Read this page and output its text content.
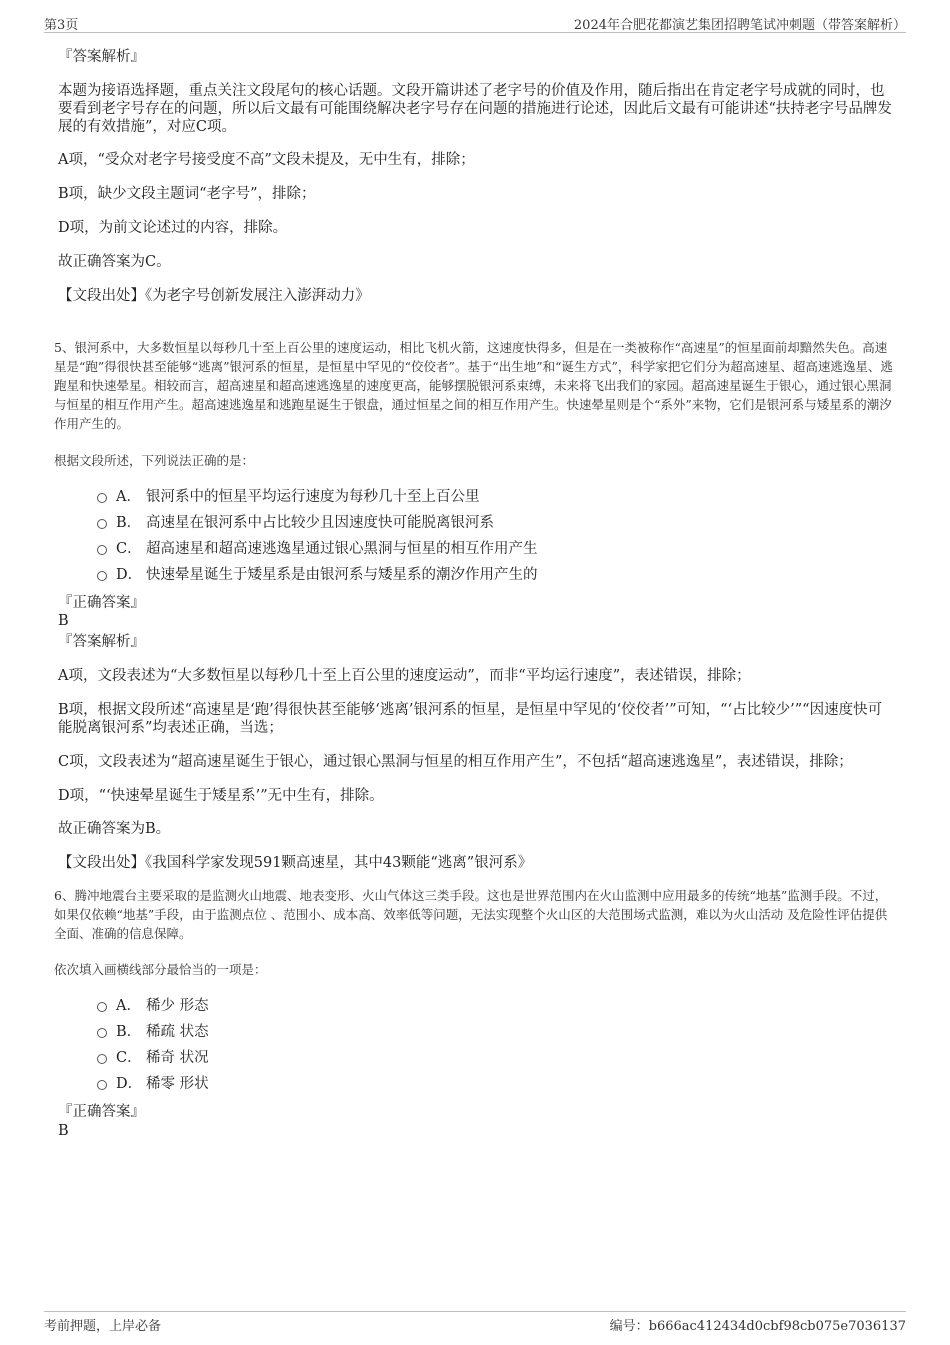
第3页	2024年合肥花都演艺集团招聘笔试冲刺题（带答案解析）
『答案解析』
本题为接语选择题，重点关注文段尾句的核心话题。文段开篇讲述了老字号的价值及作用，随后指出在肯定老字号成就的同时，也要看到老字号存在的问题，所以后文最有可能围绕解决老字号存在问题的措施进行论述，因此后文最有可能讲述“扶持老字号品牌发展的有效措施”，对应C项。
A项，“受众对老字号接受度不高”文段未提及，无中生有，排除；
B项，缺少文段主题词“老字号”，排除；
D项，为前文论述过的内容，排除。
故正确答案为C。
【文段出处】《为老字号创新发展注入澎湃动力》
5、银河系中，大多数恒星以每秒几十至上百公里的速度运动，相比飞机火箭，这速度快得多，但是在一类被称作“高速星”的恒星面前却黯然失色。高速星是“跑”得很快甚至能够“逃离”银河系的恒星，是恒星中罕见的“佼佼者”。基于“出生地”和“诞生方式”，科学家把它们分为超高速星、超高速逃逸星、逃跑星和快速晕星。相较而言，超高速星和超高速逃逸星的速度更高，能够摆脱银河系束缚，未来将飞出我们的家园。超高速星诞生于银心，通过银心黑洞与恒星的相互作用产生。超高速逃逸星和逃跑星诞生于银盘，通过恒星之间的相互作用产生。快速晕星则是个“系外”来物，它们是银河系与矮星系的潮汐作用产生的。
根据文段所述，下列说法正确的是：
A． 银河系中的恒星平均运行速度为每秒几十至上百公里
B． 高速星在银河系中占比较少且因速度快可能脱离银河系
C． 超高速星和超高速逃逸星通过银心黑洞与恒星的相互作用产生
D． 快速晕星诞生于矮星系是由银河系与矮星系的潮汐作用产生的
『正确答案』
B
『答案解析』
A项，文段表述为“大多数恒星以每秒几十至上百公里的速度运动”，而非“平均运行速度”，表述错误，排除；
B项，根据文段所述“高速星是‘跑’得很快甚至能够‘逃离’银河系的恒星，是恒星中罕见的‘佼佼者’”可知，“‘占比较少’”“因速度快可能脱离银河系”均表述正确，当选；
C项，文段表述为“超高速星诞生于银心，通过银心黑洞与恒星的相互作用产生”，不包括“超高速逃逸星”，表述错误，排除；
D项，“‘快速晕星诞生于矮星系’”无中生有，排除。
故正确答案为B。
【文段出处】《我国科学家发现591颗高速星，其中43颗能“逃离”银河系》
6、腾冲地震台主要采取的是监测火山地震、地表变形、火山气体这三类手段。这也是世界范围内在火山监测中应用最多的传统“地基”监测手段。不过，如果仅依赖“地基”手段，由于监测点位 、范围小、成本高、效率低等问题，无法实现整个火山区的大范围场式监测，难以为火山活动 及危险性评估提供全面、准确的信息保障。
依次填入画横线部分最恰当的一项是：
A． 稀少 形态
B． 稀疏 状态
C． 稀奇 状况
D． 稀零 形状
『正确答案』
B
考前押题，上岸必备	编号：b666ac412434d0cbf98cb075e7036137
